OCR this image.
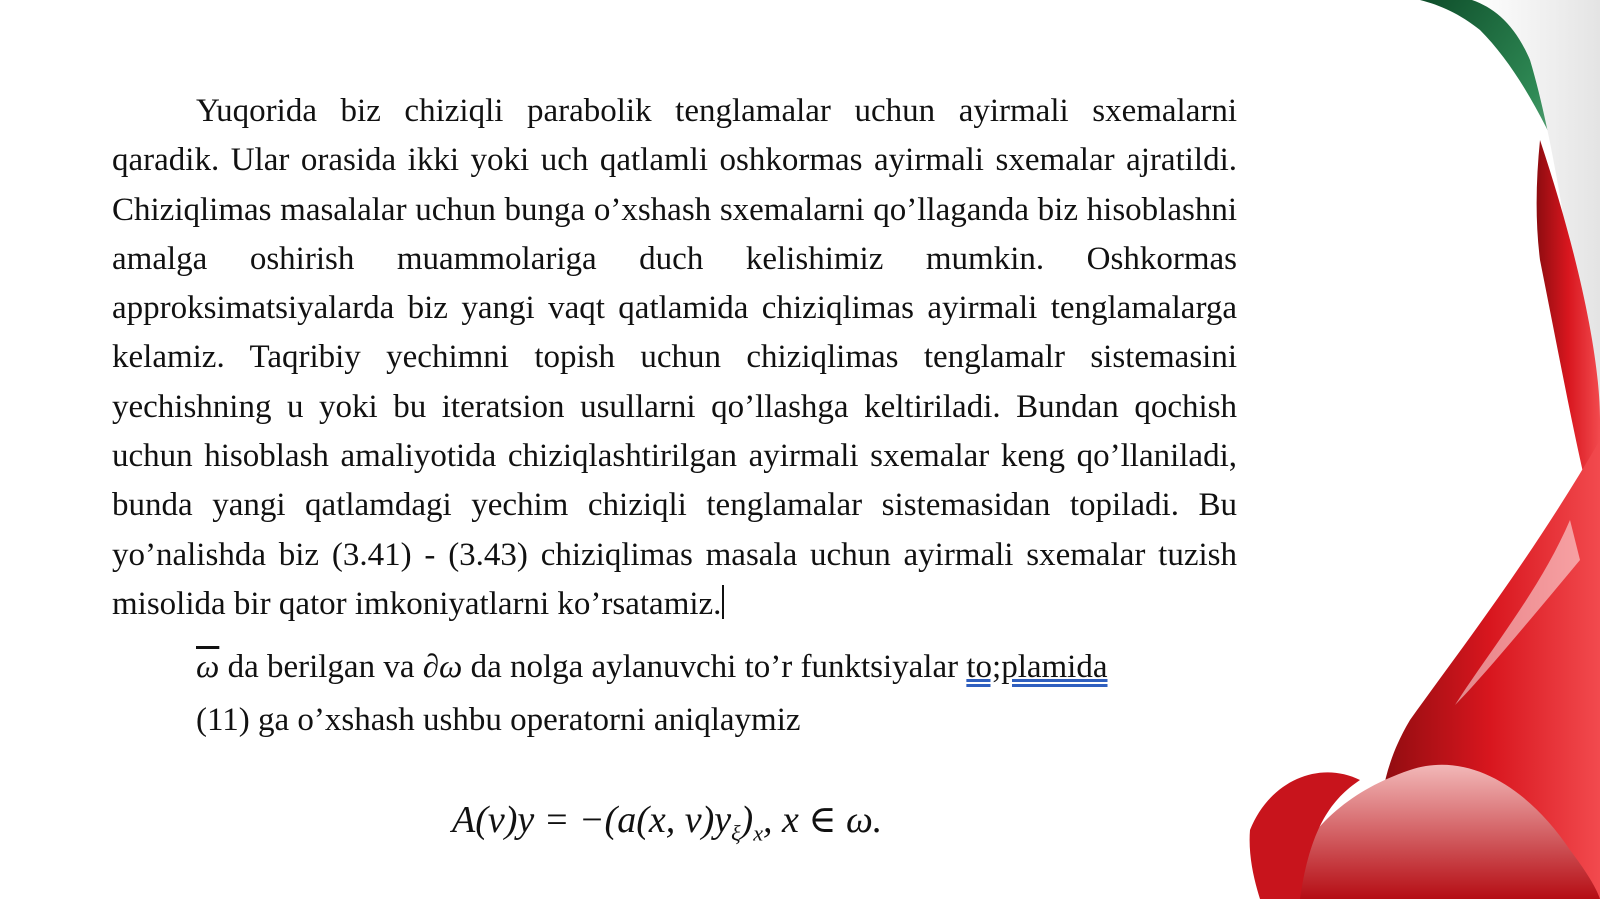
Yuqorida biz chiziqli parabolik tenglamalar uchun ayirmali sxemalarni qaradik. Ular orasida ikki yoki uch qatlamli oshkormas ayirmali sxemalar ajratildi. Chiziqlimas masalalar uchun bunga o’xshash sxemalarni qo’llaganda biz hisoblashni amalga oshirish muammolariga duch kelishimiz mumkin. Oshkormas approksimatsiyalarda biz yangi vaqt qatlamida chiziqlimas ayirmali tenglamalarga kelamiz. Taqribiy yechimni topish uchun chiziqlimas tenglamalr sistemasini yechishning u yoki bu iteratsion usullarni qo’llashga keltiriladi. Bundan qochish uchun hisoblash amaliyotida chiziqlashtirilgan ayirmali sxemalar keng qo’llaniladi, bunda yangi qatlamdagi yechim chiziqli tenglamalar sistemasidan topiladi. Bu yo’nalishda biz (3.41) - (3.43) chiziqlimas masala uchun ayirmali sxemalar tuzish misolida bir qator imkoniyatlarni ko’rsatamiz.

$\overline{\omega}$ da berilgan va ∂ω da nolga aylanuvchi to’r funktsiyalar to;plamida
(11) ga o’xshash ushbu operatorni aniqlaymiz

A(v)y = −(a(x, $v)y_\xi)_x$, x ∈ ω.
